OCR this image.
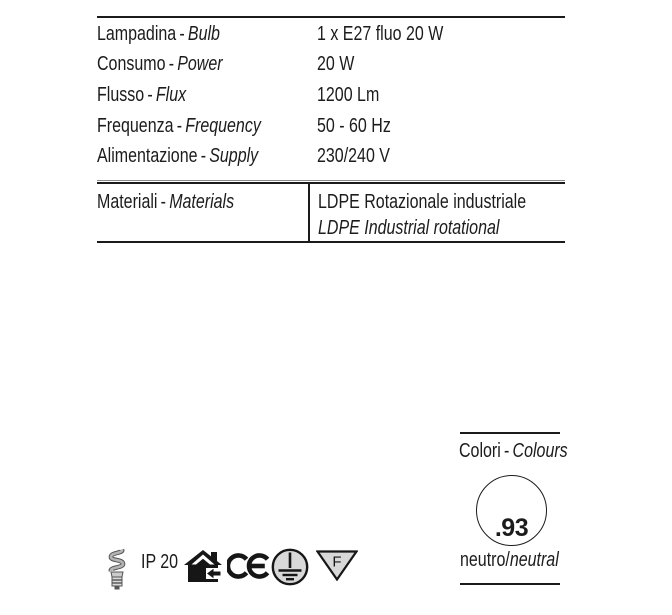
Lampadina - Bulb	1 x E27 fluo 20 W
Consumo - Power	20 W
Flusso - Flux	1200 Lm
Frequenza - Frequency	50 - 60 Hz
Alimentazione - Supply	230/240 V
Materiali - Materials	LDPE Rotazionale industriale
LDPE Industrial rotational
Colori - Colours
.93
neutro/neutral
IP 20	F
